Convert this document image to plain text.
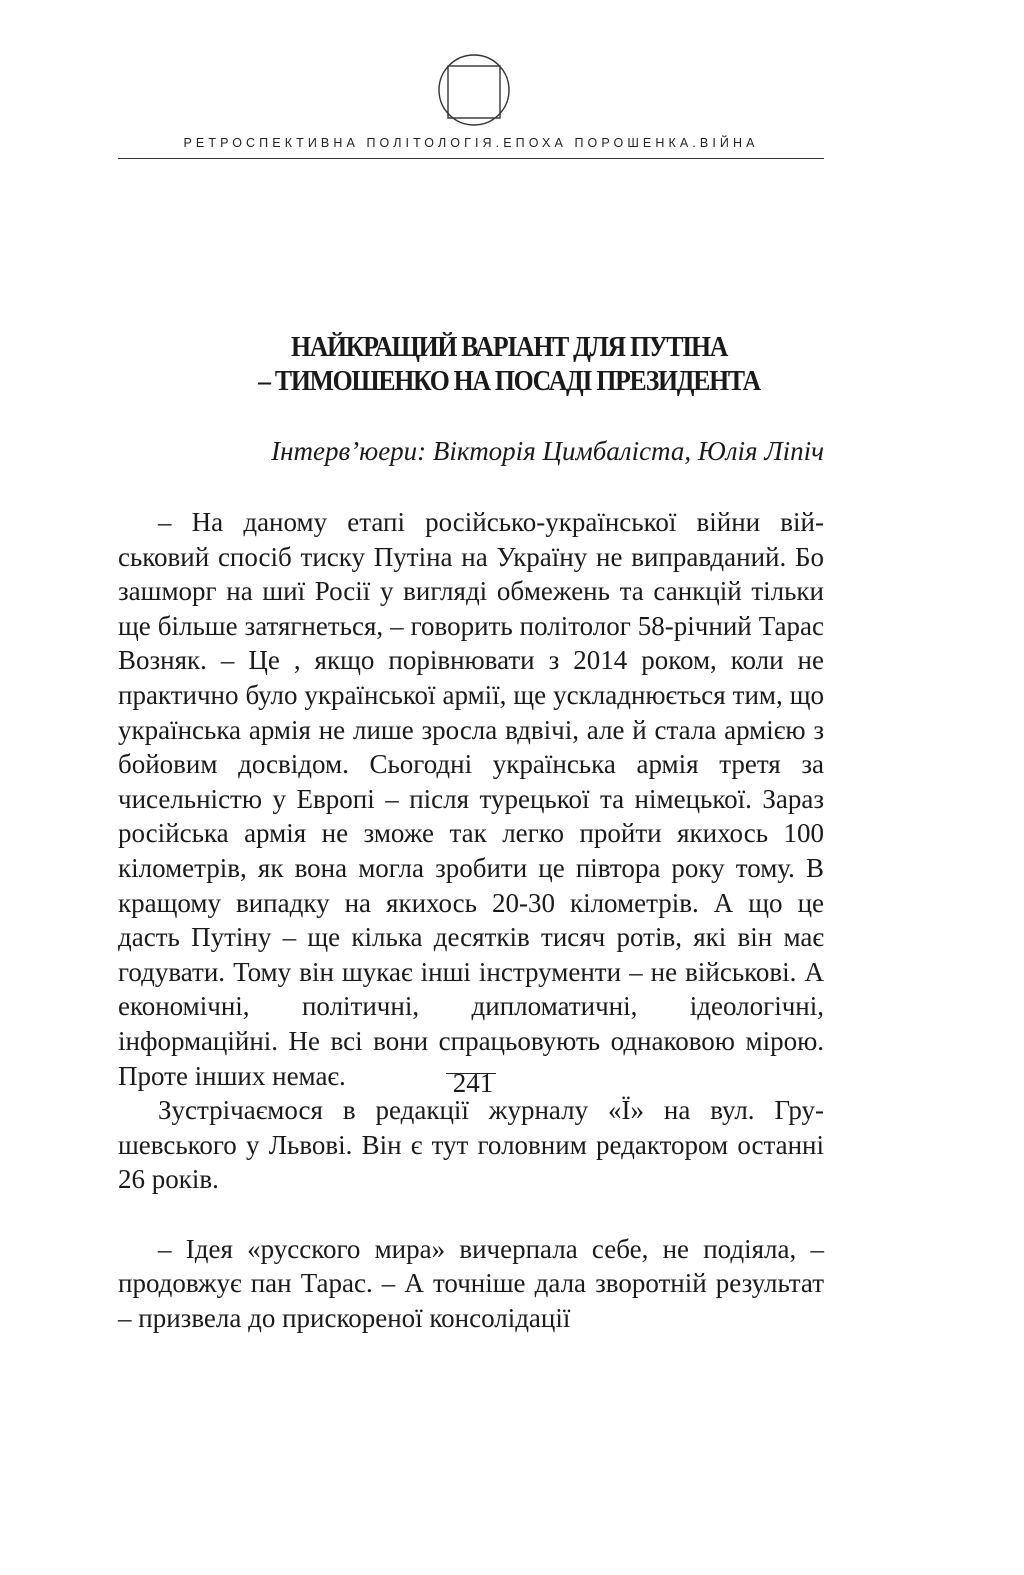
РЕТРОСПЕКТИВНА ПОЛІТОЛОГІЯ.ЕПОХА ПОРОШЕНКА.ВІЙНА
НАЙКРАЩИЙ ВАРІАНТ ДЛЯ ПУТІНА
– ТИМОШЕНКО НА ПОСАДІ ПРЕЗИДЕНТА
Інтерв’юери: Вікторія Цимбаліста, Юлія Ліпіч

– На даному етапі російсько-української війни військовий спосіб тиску Путіна на Україну не виправданий. Бо зашморг на шиї Росії у вигляді обмежень та санкцій тільки ще більше затягнеться, – говорить політолог 58-річний Тарас Возняк. – Це , якщо порівнювати з 2014 роком, коли не практично було української армії, ще ускладнюється тим, що українська армія не лише зросла вдвічі, але й стала армією з бойовим досвідом. Сьогодні українська армія третя за чисельністю у Европі – після турецької та німецької. Зараз російська армія не зможе так легко пройти якихось 100 кілометрів, як вона могла зробити це півтора року тому. В кращому випадку на якихось 20-30 кілометрів. А що це дасть Путіну – ще кілька десятків тисяч ротів, які він має годувати. Тому він шукає інші інструменти – не військові. А економічні, політичні, дипломатичні, ідеологічні, інформаційні. Не всі вони спрацьовують однаковою мірою. Проте інших немає.

Зустрічаємося в редакції журналу «Ї» на вул. Грушевського у Львові. Він є тут головним редактором останні 26 років.

– Ідея «русского мира» вичерпала себе, не подіяла, – продовжує пан Тарас. – А точніше дала зворотній результат – призвела до прискореної консолідації

241
